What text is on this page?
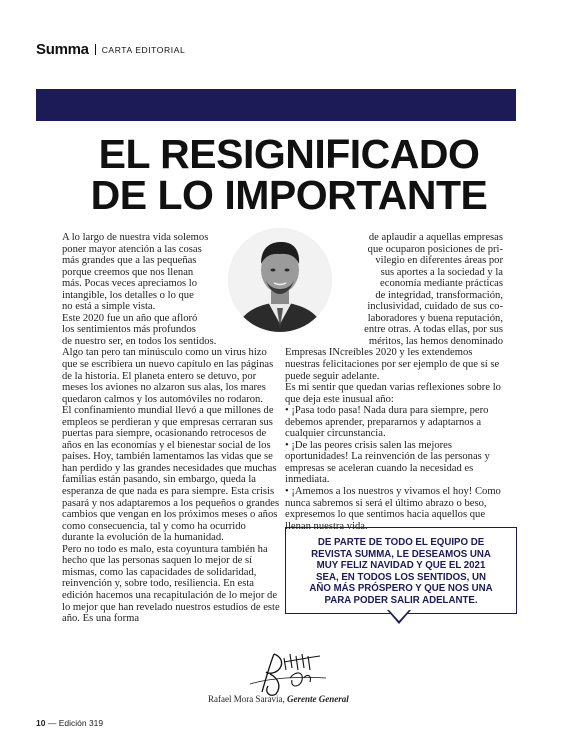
Summa CARTA EDITORIAL
EL RESIGNIFICADO
DE LO IMPORTANTE
A lo largo de nuestra vida solemos
poner mayor atención a las cosas
más grandes que a las pequeñas
porque creemos que nos llenan
más. Pocas veces apreciamos lo
intangible, los detalles o lo que
no está a simple vista.
Este 2020 fue un año que afloró
los sentimientos más profundos
de nuestro ser, en todos los sentidos.

Algo tan pero tan minúsculo como un virus hizo que se escribiera un nuevo capítulo en las páginas de la historia. El planeta entero se detuvo, por meses los aviones no alzaron sus alas, los mares quedaron calmos y los automóviles no rodaron.

El confinamiento mundial llevó a que millones de empleos se perdieran y que empresas cerraran sus puertas para siempre, ocasionando retrocesos de años en las economías y el bienestar social de los países. Hoy, también lamentamos las vidas que se han perdido y las grandes necesidades que muchas familias están pasando, sin embargo, queda la esperanza de que nada es para siempre. Esta crisis pasará y nos adaptaremos a los pequeños o grandes cambios que vengan en los próximos meses o años como consecuencia, tal y como ha ocurrido durante la evolución de la humanidad.

Pero no todo es malo, esta coyuntura también ha hecho que las personas saquen lo mejor de sí mismas, como las capacidades de solidaridad, reinvención y, sobre todo, resiliencia. En esta edición hacemos una recapitulación de lo mejor de lo mejor que han revelado nuestros estudios de este año. Es una forma

de aplaudir a aquellas empresas
que ocuparon posiciones de pri-
vilegio en diferentes áreas por
sus aportes a la sociedad y la
economía mediante prácticas
de integridad, transformación,
inclusividad, cuidado de sus co-
laboradores y buena reputación,
entre otras. A todas ellas, por sus
méritos, las hemos denominado

Empresas INcreíbles 2020 y les extendemos nuestras felicitaciones por ser ejemplo de que sí se puede seguir adelante.

Es mi sentir que quedan varias reflexiones sobre lo que deja este inusual año:

• ¡Pasa todo pasa! Nada dura para siempre, pero debemos aprender, prepararnos y adaptarnos a cualquier circunstancia.

• ¡De las peores crisis salen las mejores oportunidades! La reinvención de las personas y empresas se aceleran cuando la necesidad es inmediata.

• ¡Amemos a los nuestros y vivamos el hoy! Como nunca sabremos si será el último abrazo o beso, expresemos lo que sentimos hacia aquellos que llenan nuestra vida.

DE PARTE DE TODO EL EQUIPO DE
REVISTA SUMMA, LE DESEAMOS UNA
MUY FELIZ NAVIDAD Y QUE EL 2021
SEA, EN TODOS LOS SENTIDOS, UN
AÑO MÁS PRÓSPERO Y QUE NOS UNA
PARA PODER SALIR ADELANTE.
Rafael Mora Saravia, Gerente General
10 — Edición 319
